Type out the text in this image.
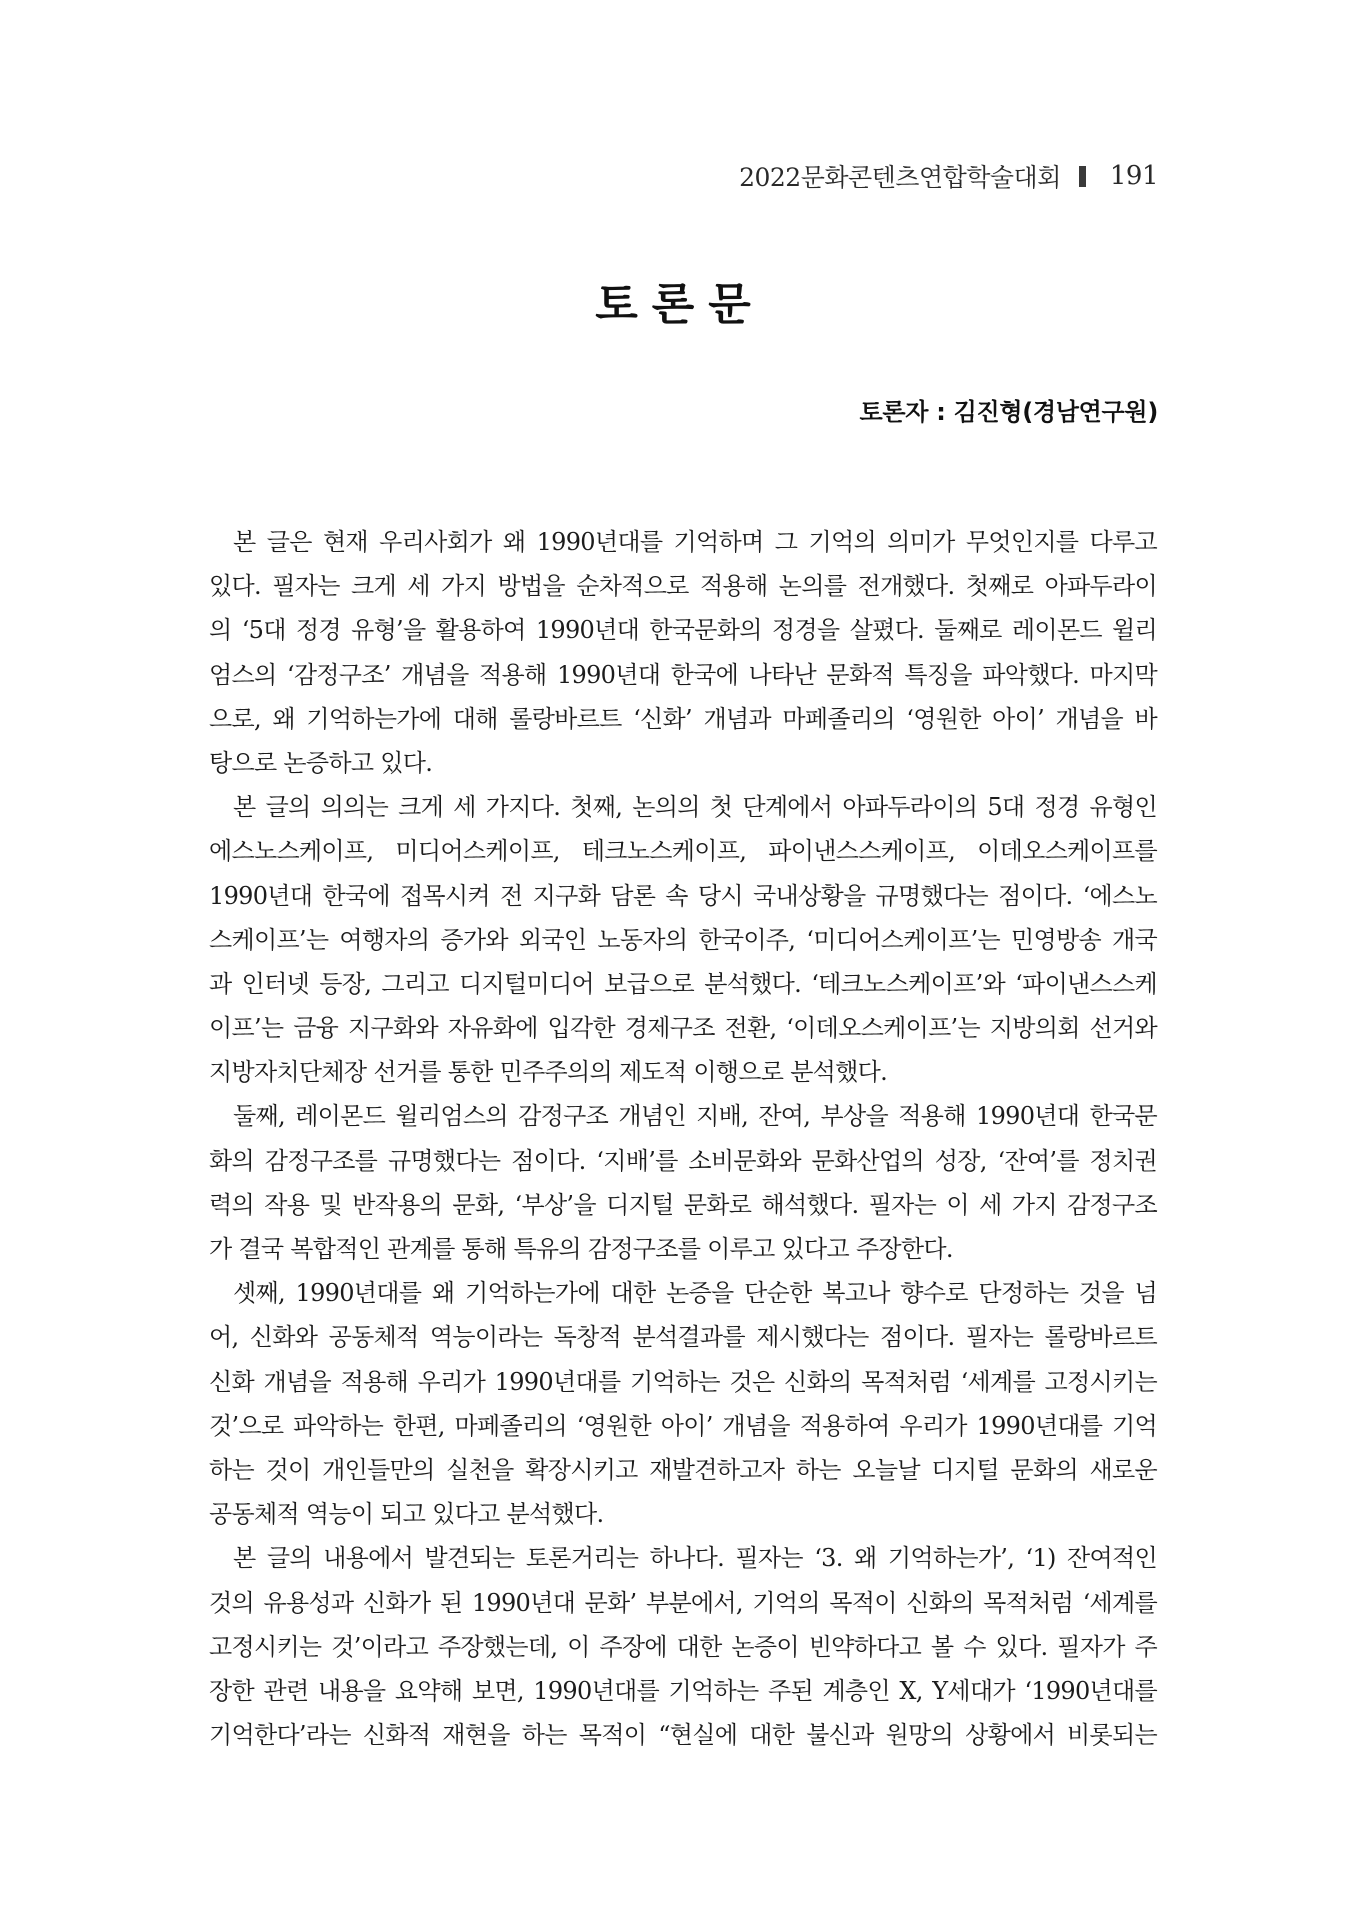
2022문화콘텐츠연합학술대회 191
토론문
토론자 : 김진형(경남연구원)
본 글은 현재 우리사회가 왜 1990년대를 기억하며 그 기억의 의미가 무엇인지를 다루고
있다. 필자는 크게 세 가지 방법을 순차적으로 적용해 논의를 전개했다. 첫째로 아파두라이
의 ‘5대 정경 유형’을 활용하여 1990년대 한국문화의 정경을 살폈다. 둘째로 레이몬드 윌리
엄스의 ‘감정구조’ 개념을 적용해 1990년대 한국에 나타난 문화적 특징을 파악했다. 마지막
으로, 왜 기억하는가에 대해 롤랑바르트 ‘신화’ 개념과 마페졸리의 ‘영원한 아이’ 개념을 바
탕으로 논증하고 있다.
본 글의 의의는 크게 세 가지다. 첫째, 논의의 첫 단계에서 아파두라이의 5대 정경 유형인
에스노스케이프, 미디어스케이프, 테크노스케이프, 파이낸스스케이프, 이데오스케이프를
1990년대 한국에 접목시켜 전 지구화 담론 속 당시 국내상황을 규명했다는 점이다. ‘에스노
스케이프’는 여행자의 증가와 외국인 노동자의 한국이주, ‘미디어스케이프’는 민영방송 개국
과 인터넷 등장, 그리고 디지털미디어 보급으로 분석했다. ‘테크노스케이프’와 ‘파이낸스스케
이프’는 금융 지구화와 자유화에 입각한 경제구조 전환, ‘이데오스케이프’는 지방의회 선거와
지방자치단체장 선거를 통한 민주주의의 제도적 이행으로 분석했다.
둘째, 레이몬드 윌리엄스의 감정구조 개념인 지배, 잔여, 부상을 적용해 1990년대 한국문
화의 감정구조를 규명했다는 점이다. ‘지배’를 소비문화와 문화산업의 성장, ‘잔여’를 정치권
력의 작용 및 반작용의 문화, ‘부상’을 디지털 문화로 해석했다. 필자는 이 세 가지 감정구조
가 결국 복합적인 관계를 통해 특유의 감정구조를 이루고 있다고 주장한다.
셋째, 1990년대를 왜 기억하는가에 대한 논증을 단순한 복고나 향수로 단정하는 것을 넘
어, 신화와 공동체적 역능이라는 독창적 분석결과를 제시했다는 점이다. 필자는 롤랑바르트
신화 개념을 적용해 우리가 1990년대를 기억하는 것은 신화의 목적처럼 ‘세계를 고정시키는
것’으로 파악하는 한편, 마페졸리의 ‘영원한 아이’ 개념을 적용하여 우리가 1990년대를 기억
하는 것이 개인들만의 실천을 확장시키고 재발견하고자 하는 오늘날 디지털 문화의 새로운
공동체적 역능이 되고 있다고 분석했다.
본 글의 내용에서 발견되는 토론거리는 하나다. 필자는 ‘3. 왜 기억하는가’, ‘1) 잔여적인
것의 유용성과 신화가 된 1990년대 문화’ 부분에서, 기억의 목적이 신화의 목적처럼 ‘세계를
고정시키는 것’이라고 주장했는데, 이 주장에 대한 논증이 빈약하다고 볼 수 있다. 필자가 주
장한 관련 내용을 요약해 보면, 1990년대를 기억하는 주된 계층인 X, Y세대가 ‘1990년대를
기억한다’라는 신화적 재현을 하는 목적이 “현실에 대한 불신과 원망의 상황에서 비롯되는
